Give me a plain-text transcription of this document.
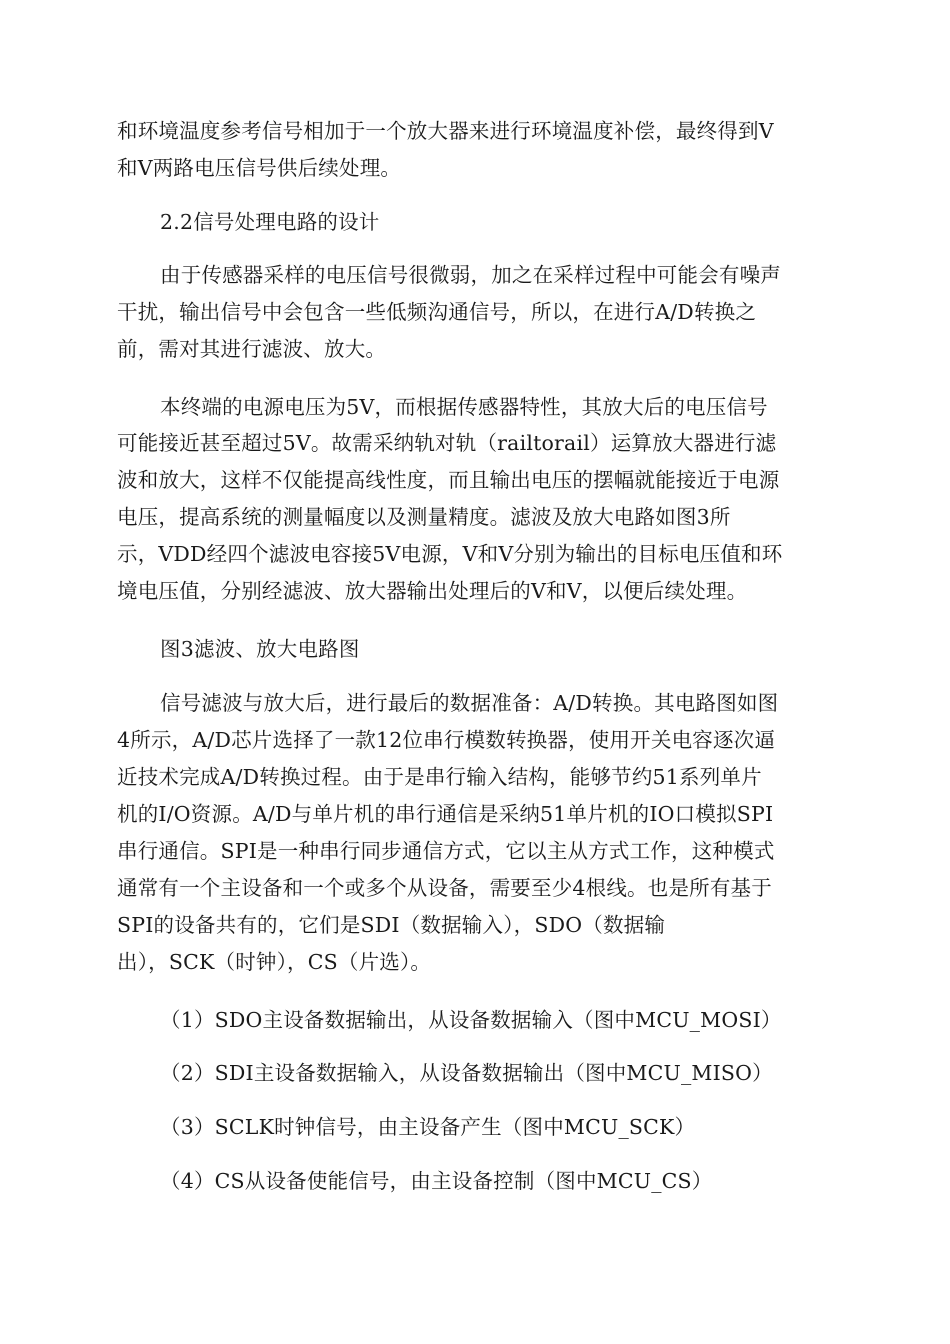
和环境温度参考信号相加于一个放大器来进行环境温度补偿，最终得到V
和V两路电压信号供后续处理。
2.2信号处理电路的设计
由于传感器采样的电压信号很微弱，加之在采样过程中可能会有噪声
干扰，输出信号中会包含一些低频沟通信号，所以，在进行A/D转换之
前，需对其进行滤波、放大。
本终端的电源电压为5V，而根据传感器特性，其放大后的电压信号
可能接近甚至超过5V。故需采纳轨对轨（railtorail）运算放大器进行滤
波和放大，这样不仅能提高线性度，而且输出电压的摆幅就能接近于电源
电压，提高系统的测量幅度以及测量精度。滤波及放大电路如图3所
示，VDD经四个滤波电容接5V电源，V和V分别为输出的目标电压值和环
境电压值，分别经滤波、放大器输出处理后的V和V，以便后续处理。
图3滤波、放大电路图
信号滤波与放大后，进行最后的数据准备：A/D转换。其电路图如图
4所示，A/D芯片选择了一款12位串行模数转换器，使用开关电容逐次逼
近技术完成A/D转换过程。由于是串行输入结构，能够节约51系列单片
机的I/O资源。A/D与单片机的串行通信是采纳51单片机的IO口模拟SPI
串行通信。SPI是一种串行同步通信方式，它以主从方式工作，这种模式
通常有一个主设备和一个或多个从设备，需要至少4根线。也是所有基于
SPI的设备共有的，它们是SDI（数据输入），SDO（数据输
出），SCK（时钟），CS（片选）。
（1）SDO主设备数据输出，从设备数据输入（图中MCU_MOSI）
（2）SDI主设备数据输入，从设备数据输出（图中MCU_MISO）
（3）SCLK时钟信号，由主设备产生（图中MCU_SCK）
（4）CS从设备使能信号，由主设备控制（图中MCU_CS）
